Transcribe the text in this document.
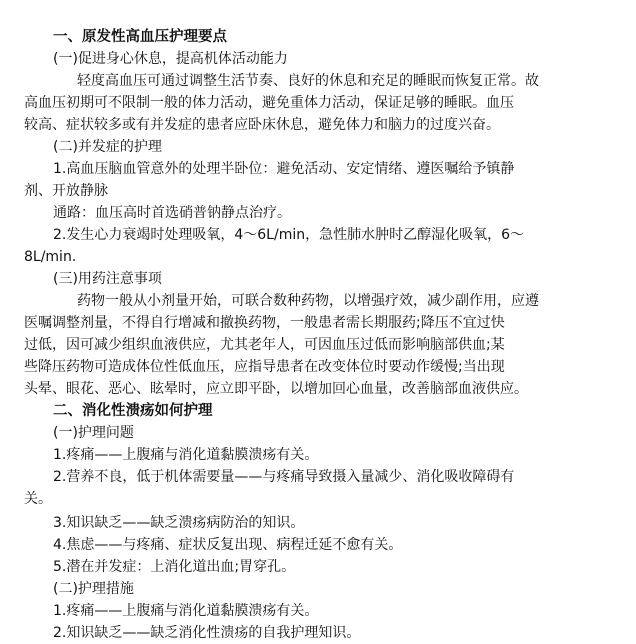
一、原发性高血压护理要点
(一)促进身心休息，提高机体活动能力
轻度高血压可通过调整生活节奏、良好的休息和充足的睡眠而恢复正常。故
高血压初期可不限制一般的体力活动，避免重体力活动，保证足够的睡眠。血压
较高、症状较多或有并发症的患者应卧床休息，避免体力和脑力的过度兴奋。
(二)并发症的护理
1.高血压脑血管意外的处理半卧位：避免活动、安定情绪、遵医嘱给予镇静
剂、开放静脉
通路：血压高时首选硝普钠静点治疗。
2.发生心力衰竭时处理吸氧，4～6L/min，急性肺水肿时乙醇湿化吸氧，6～
8L/min.
(三)用药注意事项
药物一般从小剂量开始，可联合数种药物，以增强疗效，减少副作用，应遵
医嘱调整剂量，不得自行增减和撤换药物，一般患者需长期服药;降压不宜过快
过低，因可减少组织血液供应，尤其老年人，可因血压过低而影响脑部供血;某
些降压药物可造成体位性低血压，应指导患者在改变体位时要动作缓慢;当出现
头晕、眼花、恶心、眩晕时，应立即平卧，以增加回心血量，改善脑部血液供应。
二、消化性溃疡如何护理
(一)护理问题
1.疼痛——上腹痛与消化道黏膜溃疡有关。
2.营养不良，低于机体需要量——与疼痛导致摄入量减少、消化吸收障碍有
关。
3.知识缺乏——缺乏溃疡病防治的知识。
4.焦虑——与疼痛、症状反复出现、病程迁延不愈有关。
5.潜在并发症：上消化道出血;胃穿孔。
(二)护理措施
1.疼痛——上腹痛与消化道黏膜溃疡有关。
2.知识缺乏——缺乏消化性溃疡的自我护理知识。
